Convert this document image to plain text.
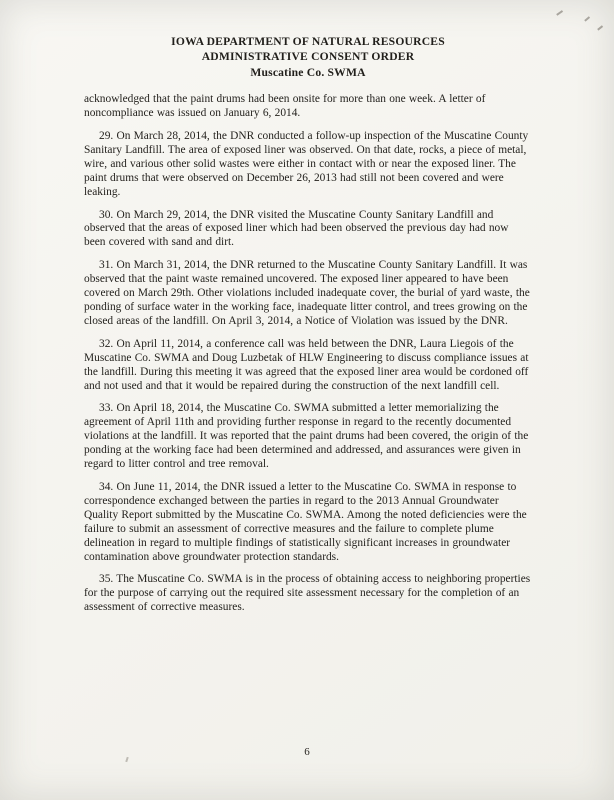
IOWA DEPARTMENT OF NATURAL RESOURCES
ADMINISTRATIVE CONSENT ORDER
Muscatine Co. SWMA

acknowledged that the paint drums had been onsite for more than one week. A letter of noncompliance was issued on January 6, 2014.

29. On March 28, 2014, the DNR conducted a follow-up inspection of the Muscatine County Sanitary Landfill. The area of exposed liner was observed. On that date, rocks, a piece of metal, wire, and various other solid wastes were either in contact with or near the exposed liner. The paint drums that were observed on December 26, 2013 had still not been covered and were leaking.

30. On March 29, 2014, the DNR visited the Muscatine County Sanitary Landfill and observed that the areas of exposed liner which had been observed the previous day had now been covered with sand and dirt.

31. On March 31, 2014, the DNR returned to the Muscatine County Sanitary Landfill. It was observed that the paint waste remained uncovered. The exposed liner appeared to have been covered on March 29th. Other violations included inadequate cover, the burial of yard waste, the ponding of surface water in the working face, inadequate litter control, and trees growing on the closed areas of the landfill. On April 3, 2014, a Notice of Violation was issued by the DNR.

32. On April 11, 2014, a conference call was held between the DNR, Laura Liegois of the Muscatine Co. SWMA and Doug Luzbetak of HLW Engineering to discuss compliance issues at the landfill. During this meeting it was agreed that the exposed liner area would be cordoned off and not used and that it would be repaired during the construction of the next landfill cell.

33. On April 18, 2014, the Muscatine Co. SWMA submitted a letter memorializing the agreement of April 11th and providing further response in regard to the recently documented violations at the landfill. It was reported that the paint drums had been covered, the origin of the ponding at the working face had been determined and addressed, and assurances were given in regard to litter control and tree removal.

34. On June 11, 2014, the DNR issued a letter to the Muscatine Co. SWMA in response to correspondence exchanged between the parties in regard to the 2013 Annual Groundwater Quality Report submitted by the Muscatine Co. SWMA. Among the noted deficiencies were the failure to submit an assessment of corrective measures and the failure to complete plume delineation in regard to multiple findings of statistically significant increases in groundwater contamination above groundwater protection standards.

35. The Muscatine Co. SWMA is in the process of obtaining access to neighboring properties for the purpose of carrying out the required site assessment necessary for the completion of an assessment of corrective measures.

6
